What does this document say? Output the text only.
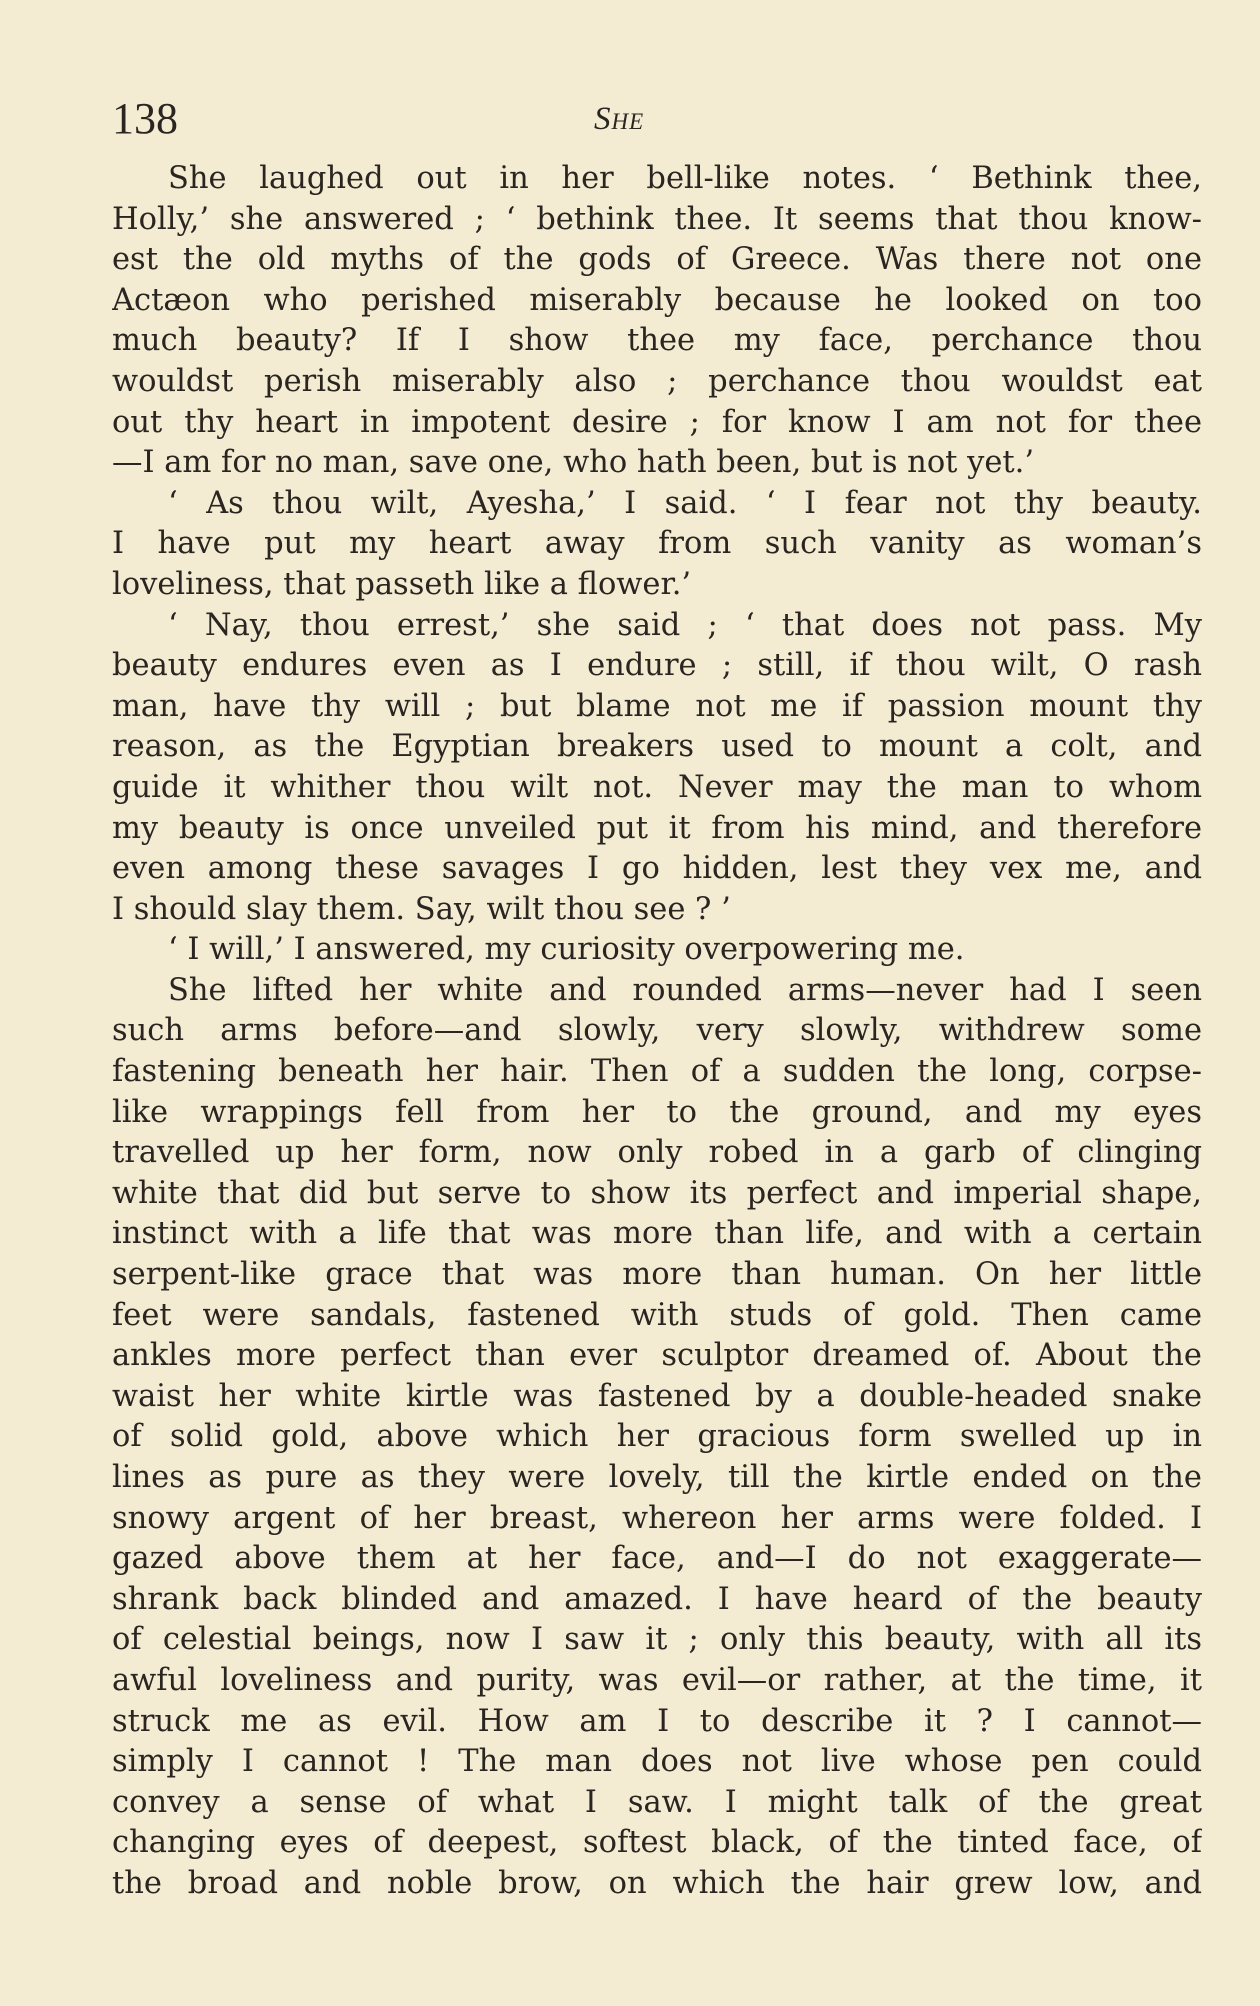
138	She
She laughed out in her bell-like notes. ‘ Bethink thee,
Holly,’ she answered ; ‘ bethink thee. It seems that thou know-
est the old myths of the gods of Greece. Was there not one
Actæon who perished miserably because he looked on too
much beauty? If I show thee my face, perchance thou
wouldst perish miserably also ; perchance thou wouldst eat
out thy heart in impotent desire ; for know I am not for thee
—I am for no man, save one, who hath been, but is not yet.’
‘ As thou wilt, Ayesha,’ I said. ‘ I fear not thy beauty.
I have put my heart away from such vanity as woman’s
loveliness, that passeth like a flower.’
‘ Nay, thou errest,’ she said ; ‘ that does not pass. My
beauty endures even as I endure ; still, if thou wilt, O rash
man, have thy will ; but blame not me if passion mount thy
reason, as the Egyptian breakers used to mount a colt, and
guide it whither thou wilt not. Never may the man to whom
my beauty is once unveiled put it from his mind, and therefore
even among these savages I go hidden, lest they vex me, and
I should slay them. Say, wilt thou see ? ’
‘ I will,’ I answered, my curiosity overpowering me.
She lifted her white and rounded arms—never had I seen
such arms before—and slowly, very slowly, withdrew some
fastening beneath her hair. Then of a sudden the long, corpse-
like wrappings fell from her to the ground, and my eyes
travelled up her form, now only robed in a garb of clinging
white that did but serve to show its perfect and imperial shape,
instinct with a life that was more than life, and with a certain
serpent-like grace that was more than human. On her little
feet were sandals, fastened with studs of gold. Then came
ankles more perfect than ever sculptor dreamed of. About the
waist her white kirtle was fastened by a double-headed snake
of solid gold, above which her gracious form swelled up in
lines as pure as they were lovely, till the kirtle ended on the
snowy argent of her breast, whereon her arms were folded. I
gazed above them at her face, and—I do not exaggerate—
shrank back blinded and amazed. I have heard of the beauty
of celestial beings, now I saw it ; only this beauty, with all its
awful loveliness and purity, was evil—or rather, at the time, it
struck me as evil. How am I to describe it ? I cannot—
simply I cannot ! The man does not live whose pen could
convey a sense of what I saw. I might talk of the great
changing eyes of deepest, softest black, of the tinted face, of
the broad and noble brow, on which the hair grew low, and
